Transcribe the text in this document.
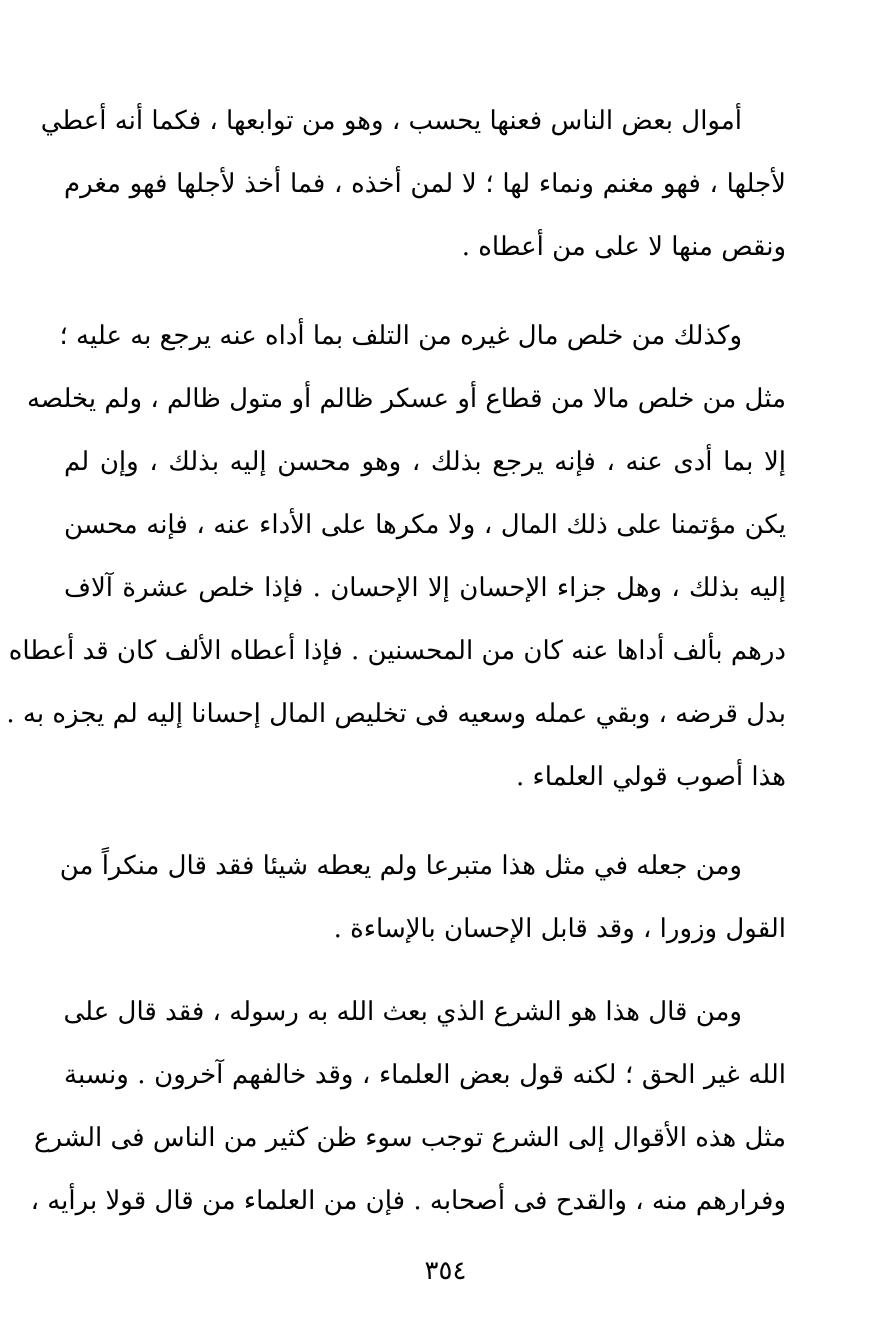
أموال بعض الناس فعنها يحسب ، وهو من توابعها ، فكما أنه أعطي
لأجلها ، فهو مغنم ونماء لها ؛ لا لمن أخذه ، فما أخذ لأجلها فهو مغرم
ونقص منها لا على من أعطاه .
وكذلك من خلص مال غيره من التلف بما أداه عنه يرجع به عليه ؛
مثل من خلص مالا من قطاع أو عسكر ظالم أو متول ظالم ، ولم يخلصه
إلا بما أدى عنه ، فإنه يرجع بذلك ، وهو محسن إليه بذلك ، وإن لم
يكن مؤتمنا على ذلك المال ، ولا مكرها على الأداء عنه ، فإنه محسن
إليه بذلك ، وهل جزاء الإحسان إلا الإحسان . فإذا خلص عشرة آلاف
درهم بألف أداها عنه كان من المحسنين . فإذا أعطاه الألف كان قد أعطاه
بدل قرضه ، وبقي عمله وسعيه فى تخليص المال إحسانا إليه لم يجزه به .
هذا أصوب قولي العلماء .
ومن جعله في مثل هذا متبرعا ولم يعطه شيئا فقد قال منكراً من
القول وزورا ، وقد قابل الإحسان بالإساءة .
ومن قال هذا هو الشرع الذي بعث الله به رسوله ، فقد قال على
الله غير الحق ؛ لكنه قول بعض العلماء ، وقد خالفهم آخرون . ونسبة
مثل هذه الأقوال إلى الشرع توجب سوء ظن كثير من الناس فى الشرع
وفرارهم منه ، والقدح فى أصحابه . فإن من العلماء من قال قولا برأيه ،
٣٥٤
